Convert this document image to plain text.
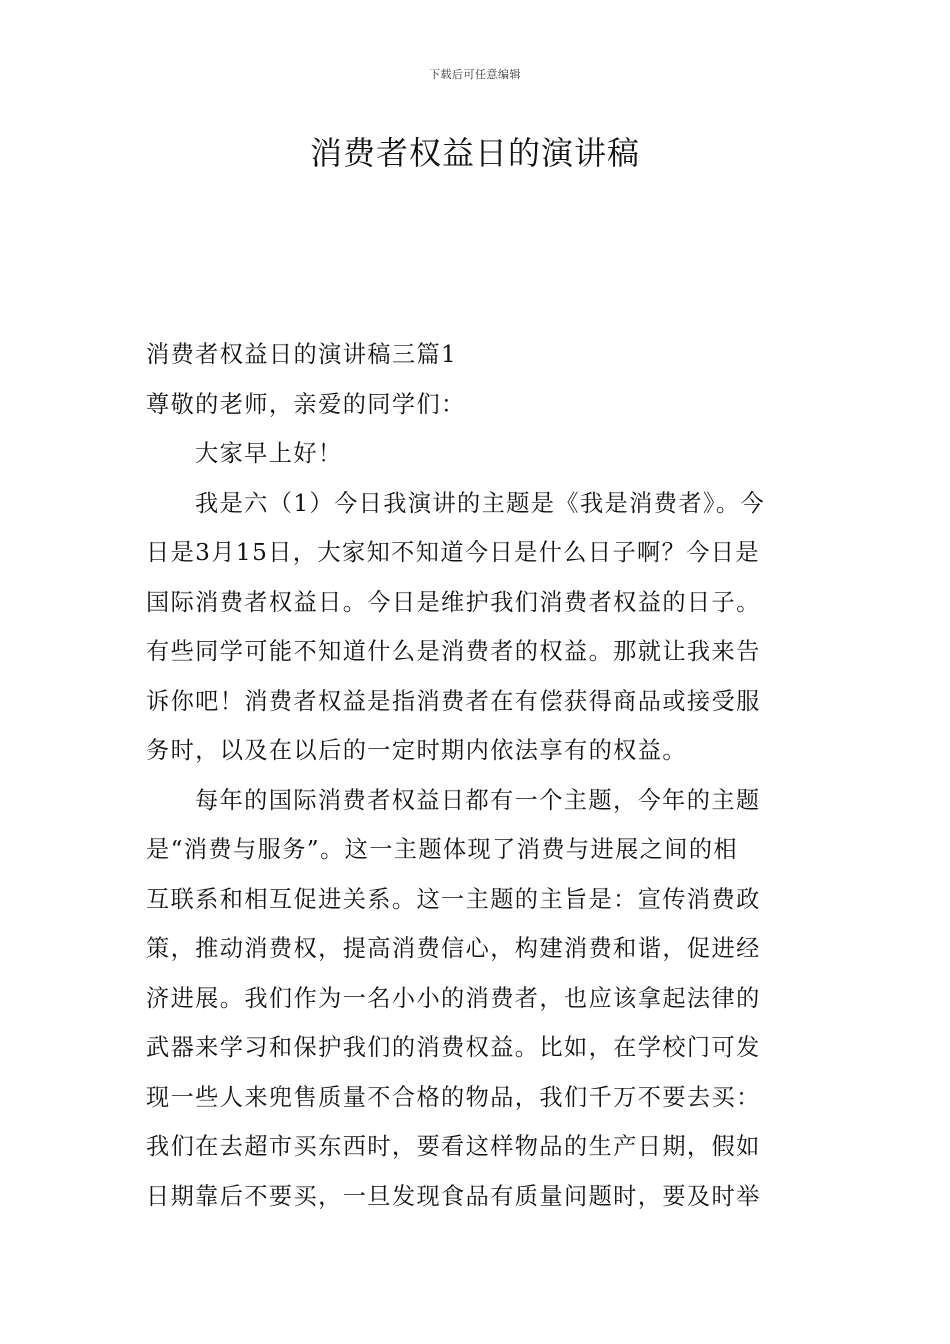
下载后可任意编辑
消费者权益日的演讲稿
消费者权益日的演讲稿三篇1
尊敬的老师，亲爱的同学们：
大家早上好！
我是六（1）今日我演讲的主题是《我是消费者》。今
日是3月15日，大家知不知道今日是什么日子啊？今日是
国际消费者权益日。今日是维护我们消费者权益的日子。
有些同学可能不知道什么是消费者的权益。那就让我来告
诉你吧！消费者权益是指消费者在有偿获得商品或接受服
务时，以及在以后的一定时期内依法享有的权益。
每年的国际消费者权益日都有一个主题，今年的主题
是“消费与服务”。这一主题体现了消费与进展之间的相
互联系和相互促进关系。这一主题的主旨是：宣传消费政
策，推动消费权，提高消费信心，构建消费和谐，促进经
济进展。我们作为一名小小的消费者，也应该拿起法律的
武器来学习和保护我们的消费权益。比如，在学校门可发
现一些人来兜售质量不合格的物品，我们千万不要去买：
我们在去超市买东西时，要看这样物品的生产日期，假如
日期靠后不要买，一旦发现食品有质量问题时，要及时举
